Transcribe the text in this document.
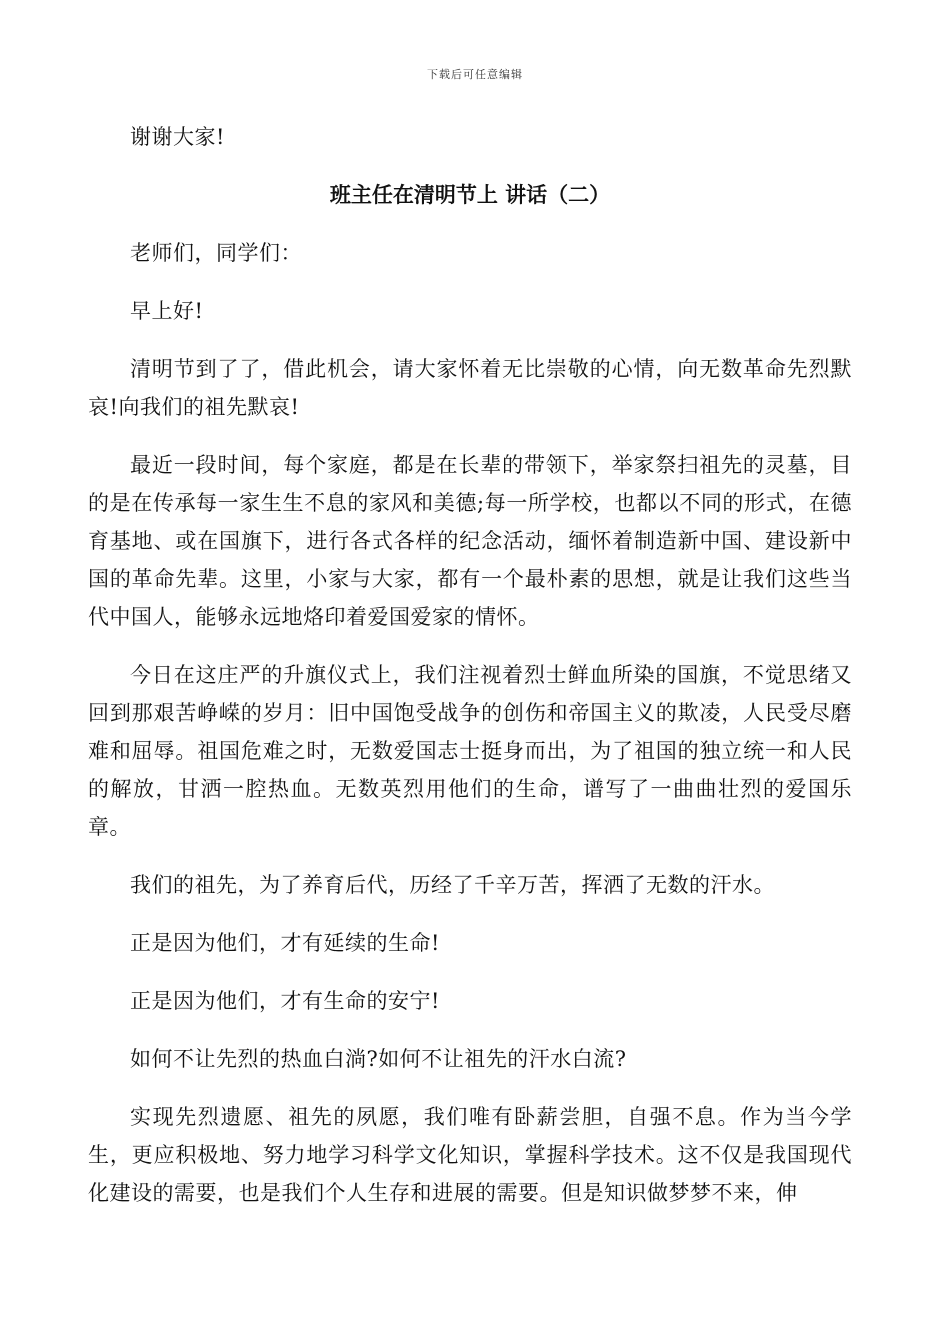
下载后可任意编辑

谢谢大家!

班主任在清明节上 讲话（二）

老师们，同学们：

早上好!

清明节到了了，借此机会，请大家怀着无比崇敬的心情，向无数革命先烈默哀!向我们的祖先默哀!

最近一段时间，每个家庭，都是在长辈的带领下，举家祭扫祖先的灵墓，目的是在传承每一家生生不息的家风和美德;每一所学校，也都以不同的形式，在德育基地、或在国旗下，进行各式各样的纪念活动，缅怀着制造新中国、建设新中国的革命先辈。这里，小家与大家，都有一个最朴素的思想，就是让我们这些当代中国人，能够永远地烙印着爱国爱家的情怀。

今日在这庄严的升旗仪式上，我们注视着烈士鲜血所染的国旗，不觉思绪又回到那艰苦峥嵘的岁月：旧中国饱受战争的创伤和帝国主义的欺凌，人民受尽磨难和屈辱。祖国危难之时，无数爱国志士挺身而出，为了祖国的独立统一和人民的解放，甘洒一腔热血。无数英烈用他们的生命，谱写了一曲曲壮烈的爱国乐章。

我们的祖先，为了养育后代，历经了千辛万苦，挥洒了无数的汗水。

正是因为他们，才有延续的生命!

正是因为他们，才有生命的安宁!

如何不让先烈的热血白淌?如何不让祖先的汗水白流?

实现先烈遗愿、祖先的夙愿，我们唯有卧薪尝胆，自强不息。作为当今学生，更应积极地、努力地学习科学文化知识，掌握科学技术。这不仅是我国现代化建设的需要，也是我们个人生存和进展的需要。但是知识做梦梦不来，伸
